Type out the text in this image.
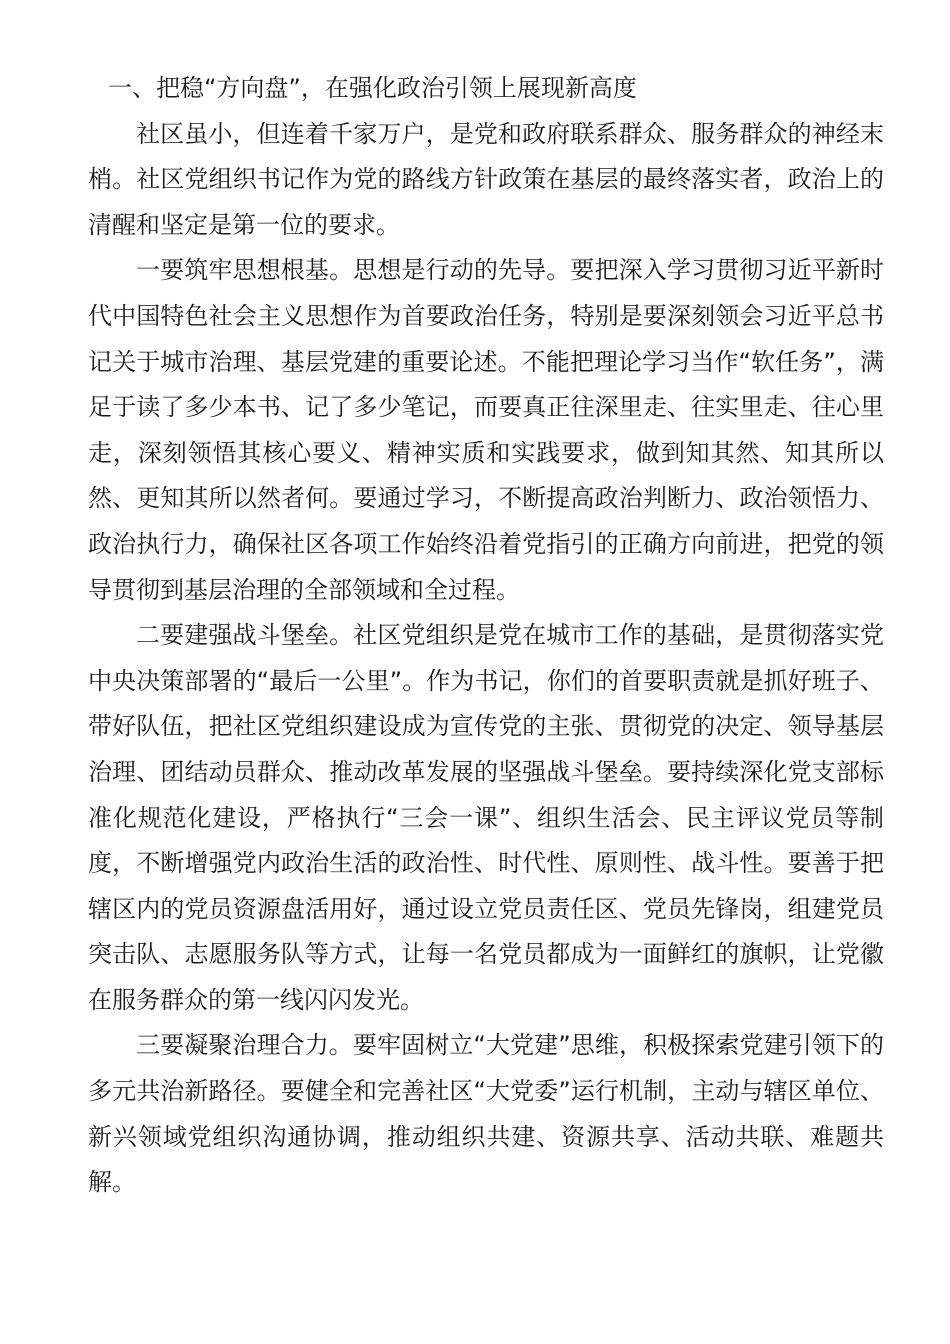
一、把稳“方向盘”，在强化政治引领上展现新高度

社区虽小，但连着千家万户，是党和政府联系群众、服务群众的神经末梢。社区党组织书记作为党的路线方针政策在基层的最终落实者，政治上的清醒和坚定是第一位的要求。

一要筑牢思想根基。思想是行动的先导。要把深入学习贯彻习近平新时代中国特色社会主义思想作为首要政治任务，特别是要深刻领会习近平总书记关于城市治理、基层党建的重要论述。不能把理论学习当作“软任务”，满足于读了多少本书、记了多少笔记，而要真正往深里走、往实里走、往心里走，深刻领悟其核心要义、精神实质和实践要求，做到知其然、知其所以然、更知其所以然者何。要通过学习，不断提高政治判断力、政治领悟力、政治执行力，确保社区各项工作始终沿着党指引的正确方向前进，把党的领导贯彻到基层治理的全部领域和全过程。

二要建强战斗堡垒。社区党组织是党在城市工作的基础，是贯彻落实党中央决策部署的“最后一公里”。作为书记，你们的首要职责就是抓好班子、带好队伍，把社区党组织建设成为宣传党的主张、贯彻党的决定、领导基层治理、团结动员群众、推动改革发展的坚强战斗堡垒。要持续深化党支部标准化规范化建设，严格执行“三会一课”、组织生活会、民主评议党员等制度，不断增强党内政治生活的政治性、时代性、原则性、战斗性。要善于把辖区内的党员资源盘活用好，通过设立党员责任区、党员先锋岗，组建党员突击队、志愿服务队等方式，让每一名党员都成为一面鲜红的旗帜，让党徽在服务群众的第一线闪闪发光。

三要凝聚治理合力。要牢固树立“大党建”思维，积极探索党建引领下的多元共治新路径。要健全和完善社区“大党委”运行机制，主动与辖区单位、新兴领域党组织沟通协调，推动组织共建、资源共享、活动共联、难题共解。
